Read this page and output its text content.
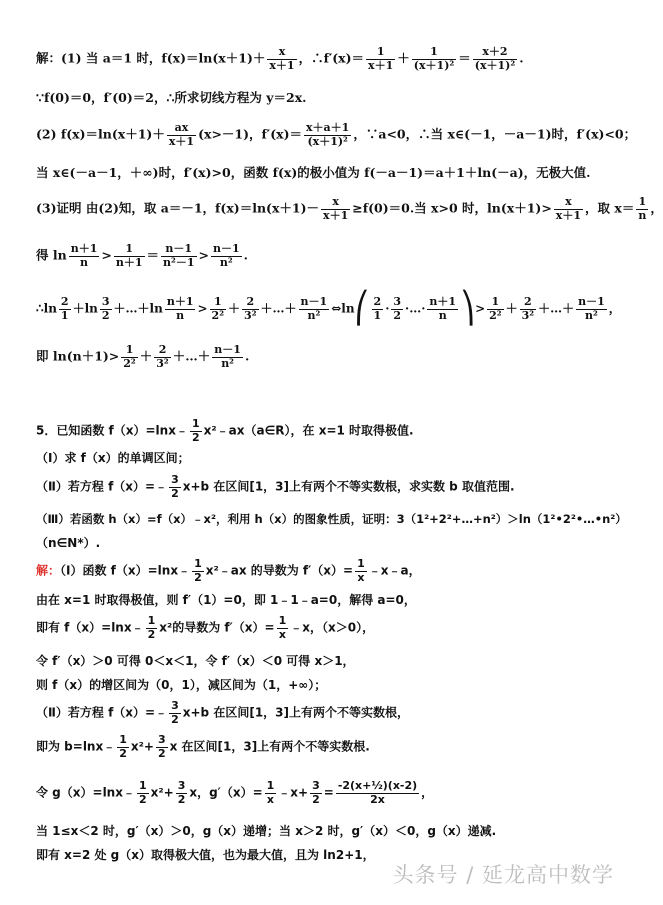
解：(1) 当 a＝1 时，$f(x)=\ln(x+1)+ \frac{x}{x+1}$ ，∴f′(x)＝ $\frac{1}{x+1} + \frac{1}{\text{(x＋1)²}} = \frac{x+2}{\text{(x＋1)²}}$ .
∵f(0)＝0，f′(0)＝2，∴所求切线方程为 y＝2x.
(2) $f(x)=\ln(x+1)+ \frac{ax}{x+1} (x>-1)$，$f'(x)= \frac{x+a+1}{\text{(x＋1)²}}$ ，∵a<0，∴当 x∈(－1，－a－1)时，f′(x)<0；
当 x∈(－a－1，＋∞)时，f′(x)>0，函数 f(x)的极小值为 f(－a－1)＝a＋1＋ln(－a)，无极大值.
(3)证明 由(2)知，取 a＝－1，$f(x)=\ln(x+1)- \frac{x}{x+1} \ge f(0)=0$.当 x>0 时，$\ln(x+1)> \frac{x}{x+1}$ ，取 $x= \frac{1}{n}$ ，
得 $\ln \frac{n+1}{n} > \frac{1}{n+1} = \frac{n-1}{\text{n²－1}} > \frac{n-1}{\text{n²}}$ .
∴ln $\frac{2}{1} +\ln \frac{3}{2}$ ＋…＋ln $\frac{n+1}{n} > \frac{1}{\text{2²}} + \frac{2}{\text{3²}}$ ＋…＋ $\frac{n-1}{\text{n²}}$ ⇔ln⎛ $\frac{2}{1} \cdot \frac{3}{2}$ ·…· $\frac{n+1}{n}$ ⎞> $\frac{1}{\text{2²}} + \frac{2}{\text{3²}}$ ＋…＋ $\frac{n-1}{\text{n²}}$ ，
即 $\ln(n+1)> \frac{1}{\text{2²}} + \frac{2}{\text{3²}}$ ＋…＋ $\frac{n-1}{\text{n²}}$ .
5．已知函数 f（x）=lnx﹣ $\frac{1}{2}$ x²﹣ax（a∈R），在 x=1 时取得极值.
（Ⅰ）求 f（x）的单调区间；
（Ⅱ）若方程 f（x）=﹣ $\frac{3}{2} x+b$ 在区间[1，3]上有两个不等实数根，求实数 b 取值范围.
（Ⅲ）若函数 h（x）=f（x）﹣x²，利用 h（x）的图象性质，证明：3（1²+2²+…+n²）＞ln（1²•2²•…•n²）
（n∈N*）.
解：（Ⅰ）函数 f（x）=lnx﹣ $\frac{1}{2}$ x²﹣ax 的导数为 $f'(x)= \frac{1}{x}$ ﹣x﹣a，
由在 x=1 时取得极值，则 f′（1）=0，即 1﹣1﹣a=0，解得 a=0，
即有 f（x）=lnx﹣ $\frac{1}{2} x^2$的导数为 $f'(x)= \frac{1}{x}$ ﹣x，（x＞0），
令 f′（x）＞0 可得 0＜x＜1，令 f′（x）＜0 可得 x＞1，
则 f（x）的增区间为（0，1），减区间为（1，+∞）；
（Ⅱ）若方程 f（x）=﹣ $\frac{3}{2} x+b$ 在区间[1，3]上有两个不等实数根，
即为 b=lnx﹣ $\frac{1}{2} x^2+ \frac{3}{2}$ x 在区间[1，3]上有两个不等实数根.
令 g（x）=lnx﹣ $\frac{1}{2} x^2+ \frac{3}{2}$ x，$g'(x)= \frac{1}{x}$ ﹣x+ $\frac{3}{2} = \frac{\text{-2(x+½)(x-2)}}{2x}$ ，
当 1≤x＜2 时，g′（x）＞0，g（x）递增；当 x＞2 时，g′（x）＜0，g（x）递减.
即有 x=2 处 g（x）取得极大值，也为最大值，且为 ln2+1，
头条号 / 延龙高中数学
